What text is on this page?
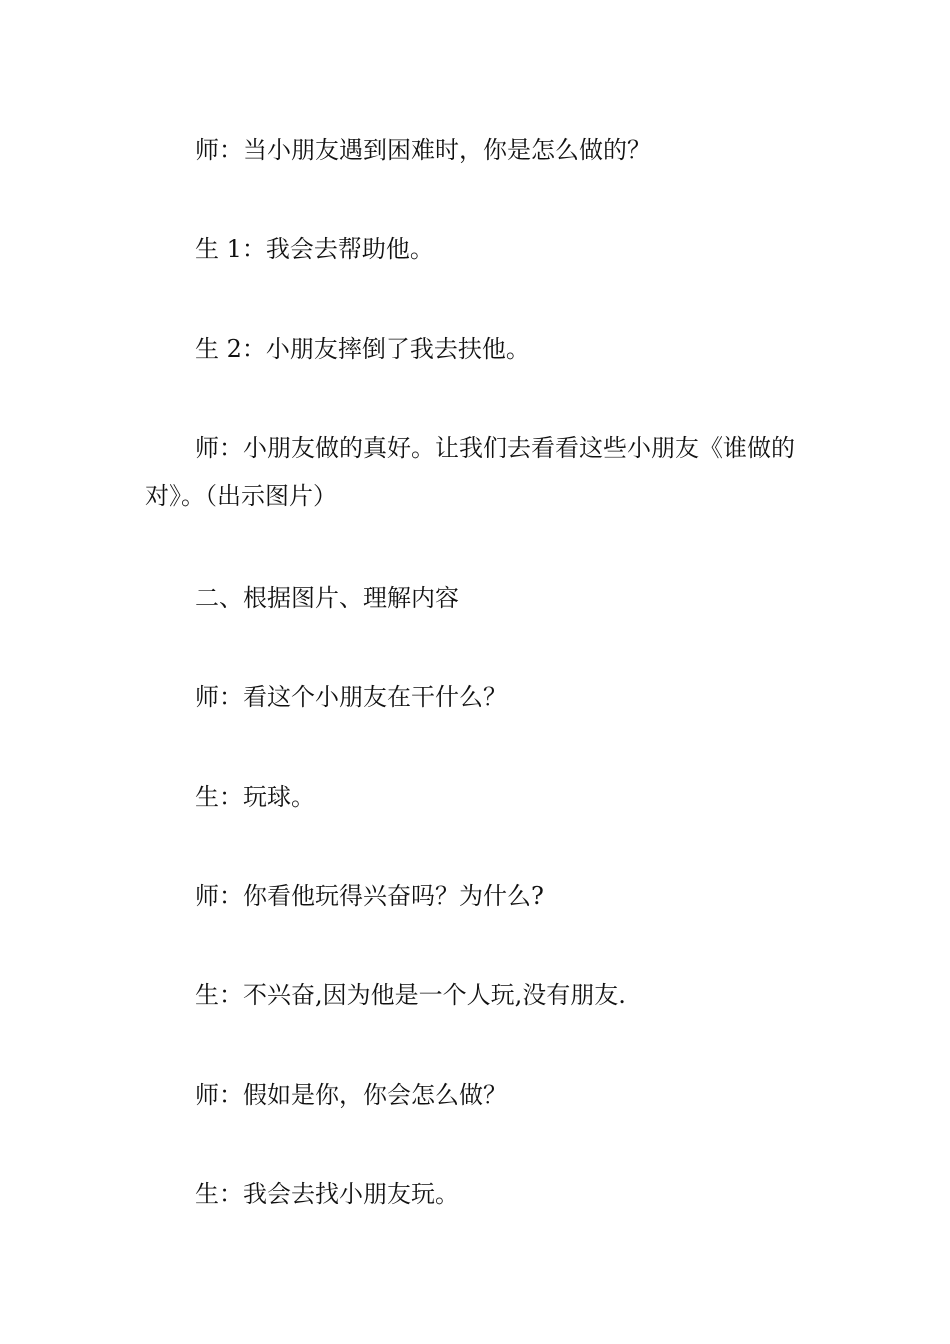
师：当小朋友遇到困难时，你是怎么做的？

生 1：我会去帮助他。

生 2：小朋友摔倒了我去扶他。

师：小朋友做的真好。让我们去看看这些小朋友《谁做的对》。（出示图片）

二、根据图片、理解内容

师：看这个小朋友在干什么？

生：玩球。

师：你看他玩得兴奋吗？为什么?

生：不兴奋,因为他是一个人玩,没有朋友.

师：假如是你，你会怎么做？

生：我会去找小朋友玩。
